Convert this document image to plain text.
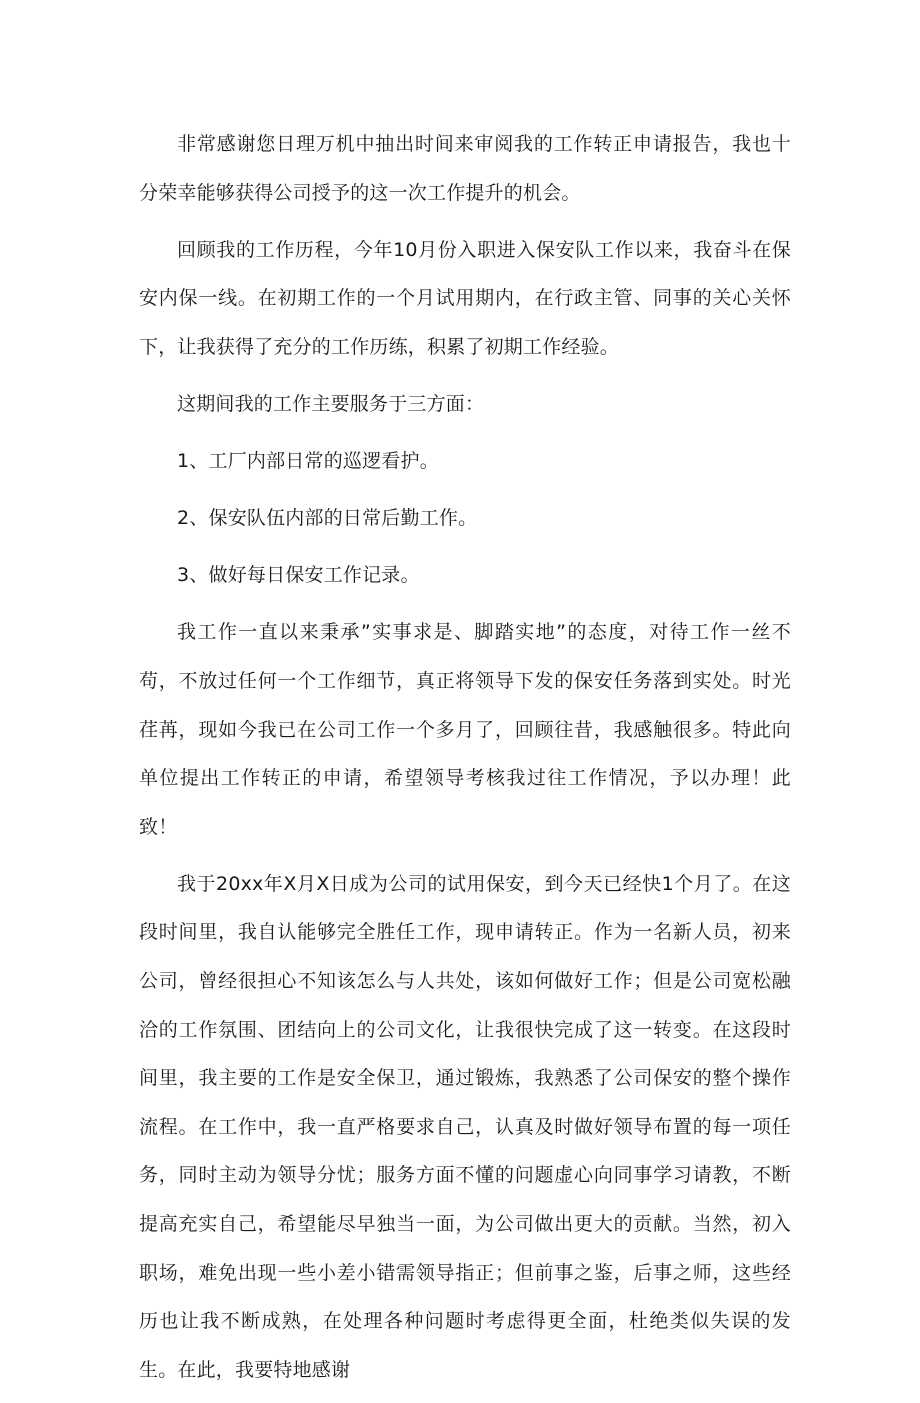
非常感谢您日理万机中抽出时间来审阅我的工作转正申请报告，我也十分荣幸能够获得公司授予的这一次工作提升的机会。

回顾我的工作历程，今年10月份入职进入保安队工作以来，我奋斗在保安内保一线。在初期工作的一个月试用期内，在行政主管、同事的关心关怀下，让我获得了充分的工作历练，积累了初期工作经验。

这期间我的工作主要服务于三方面：

1、工厂内部日常的巡逻看护。

2、保安队伍内部的日常后勤工作。

3、做好每日保安工作记录。

我工作一直以来秉承”实事求是、脚踏实地”的态度，对待工作一丝不苟，不放过任何一个工作细节，真正将领导下发的保安任务落到实处。时光荏苒，现如今我已在公司工作一个多月了，回顾往昔，我感触很多。特此向单位提出工作转正的申请，希望领导考核我过往工作情况，予以办理！此致！

我于20xx年X月X日成为公司的试用保安，到今天已经快1个月了。在这段时间里，我自认能够完全胜任工作，现申请转正。作为一名新人员，初来公司，曾经很担心不知该怎么与人共处，该如何做好工作；但是公司宽松融洽的工作氛围、团结向上的公司文化，让我很快完成了这一转变。在这段时间里，我主要的工作是安全保卫，通过锻炼，我熟悉了公司保安的整个操作流程。在工作中，我一直严格要求自己，认真及时做好领导布置的每一项任务，同时主动为领导分忧；服务方面不懂的问题虚心向同事学习请教，不断提高充实自己，希望能尽早独当一面，为公司做出更大的贡献。当然，初入职场，难免出现一些小差小错需领导指正；但前事之鉴，后事之师，这些经历也让我不断成熟，在处理各种问题时考虑得更全面，杜绝类似失误的发生。在此，我要特地感谢
